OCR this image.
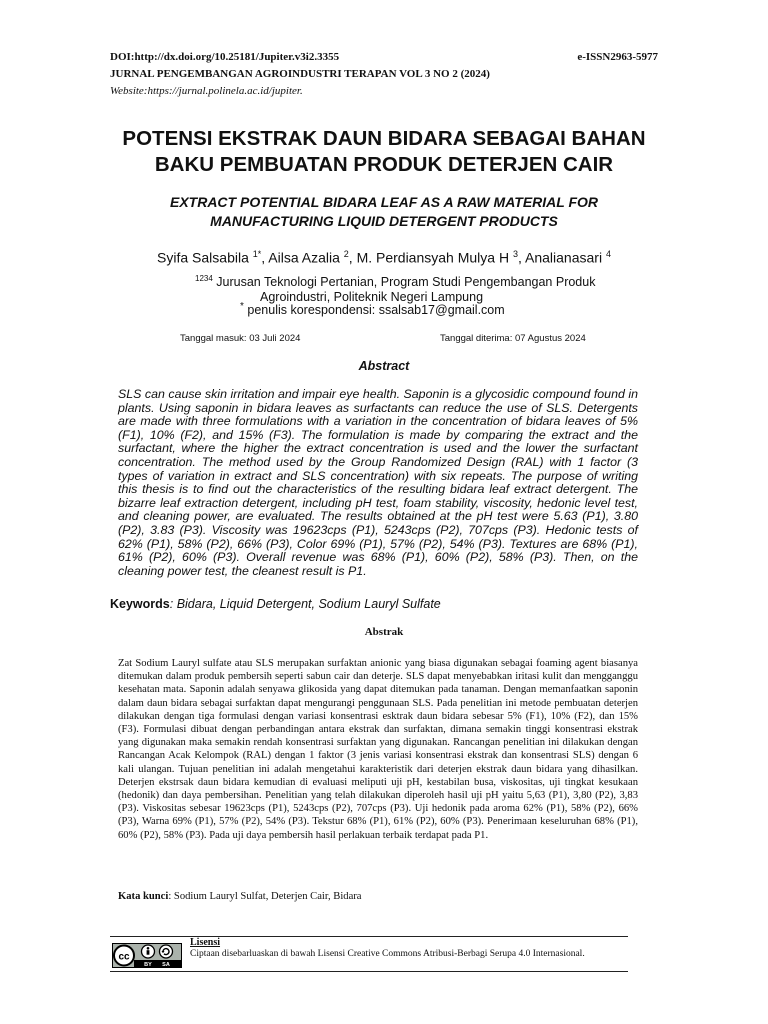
DOI:http://dx.doi.org/10.25181/Jupiter.v3i2.3355	e-ISSN2963-5977
JURNAL PENGEMBANGAN AGROINDUSTRI TERAPAN VOL 3 NO 2 (2024)
Website:https://jurnal.polinela.ac.id/jupiter.
POTENSI EKSTRAK DAUN BIDARA SEBAGAI BAHAN
BAKU PEMBUATAN PRODUK DETERJEN CAIR
EXTRACT POTENTIAL BIDARA LEAF AS A RAW MATERIAL FOR
MANUFACTURING LIQUID DETERGENT PRODUCTS
Syifa Salsabila $^{1*}$, Ailsa Azalia $^2$, M. Perdiansyah Mulya H $^3$, Analianasari $^4$
$^{1234}$ Jurusan Teknologi Pertanian, Program Studi Pengembangan Produk
Agroindustri, Politeknik Negeri Lampung
* penulis korespondensi: ssalsab17@gmail.com
Tanggal masuk: 03 Juli 2024	Tanggal diterima: 07 Agustus 2024
Abstract
SLS can cause skin irritation and impair eye health. Saponin is a glycosidic compound found in plants. Using saponin in bidara leaves as surfactants can reduce the use of SLS. Detergents are made with three formulations with a variation in the concentration of bidara leaves of 5% (F1), 10% (F2), and 15% (F3). The formulation is made by comparing the extract and the surfactant, where the higher the extract concentration is used and the lower the surfactant concentration. The method used by the Group Randomized Design (RAL) with 1 factor (3 types of variation in extract and SLS concentration) with six repeats. The purpose of writing this thesis is to find out the characteristics of the resulting bidara leaf extract detergent. The bizarre leaf extraction detergent, including pH test, foam stability, viscosity, hedonic level test, and cleaning power, are evaluated. The results obtained at the pH test were 5.63 (P1), 3.80 (P2), 3.83 (P3). Viscosity was 19623cps (P1), 5243cps (P2), 707cps (P3). Hedonic tests of 62% (P1), 58% (P2), 66% (P3), Color 69% (P1), 57% (P2), 54% (P3). Textures are 68% (P1), 61% (P2), 60% (P3). Overall revenue was 68% (P1), 60% (P2), 58% (P3). Then, on the cleaning power test, the cleanest result is P1.
Keywords: Bidara, Liquid Detergent, Sodium Lauryl Sulfate
Abstrak
Zat Sodium Lauryl sulfate atau SLS merupakan surfaktan anionic yang biasa digunakan sebagai foaming agent biasanya ditemukan dalam produk pembersih seperti sabun cair dan deterje. SLS dapat menyebabkan iritasi kulit dan mengganggu kesehatan mata. Saponin adalah senyawa glikosida yang dapat ditemukan pada tanaman. Dengan memanfaatkan saponin dalam daun bidara sebagai surfaktan dapat mengurangi penggunaan SLS. Pada penelitian ini metode pembuatan deterjen dilakukan dengan tiga formulasi dengan variasi konsentrasi esktrak daun bidara sebesar 5% (F1), 10% (F2), dan 15% (F3). Formulasi dibuat dengan perbandingan antara ekstrak dan surfaktan, dimana semakin tinggi konsentrasi ekstrak yang digunakan maka semakin rendah konsentrasi surfaktan yang digunakan. Rancangan penelitian ini dilakukan dengan Rancangan Acak Kelompok (RAL) dengan 1 faktor (3 jenis variasi konsentrasi ekstrak dan konsentrasi SLS) dengan 6 kali ulangan. Tujuan penelitian ini adalah mengetahui karakteristik dari deterjen ekstrak daun bidara yang dihasilkan. Deterjen ekstrsak daun bidara kemudian di evaluasi meliputi uji pH, kestabilan busa, viskositas, uji tingkat kesukaan (hedonik) dan daya pembersihan. Penelitian yang telah dilakukan diperoleh hasil uji pH yaitu 5,63 (P1), 3,80 (P2), 3,83 (P3). Viskositas sebesar 19623cps (P1), 5243cps (P2), 707cps (P3). Uji hedonik pada aroma 62% (P1), 58% (P2), 66% (P3), Warna 69% (P1), 57% (P2), 54% (P3). Tekstur 68% (P1), 61% (P2), 60% (P3). Penerimaan keseluruhan 68% (P1), 60% (P2), 58% (P3). Pada uji daya pembersih hasil perlakuan terbaik terdapat pada P1.
Kata kunci: Sodium Lauryl Sulfat, Deterjen Cair, Bidara
cc
BY SA
Lisensi
Ciptaan disebarluaskan di bawah Lisensi Creative Commons Atribusi-Berbagi Serupa 4.0 Internasional.
